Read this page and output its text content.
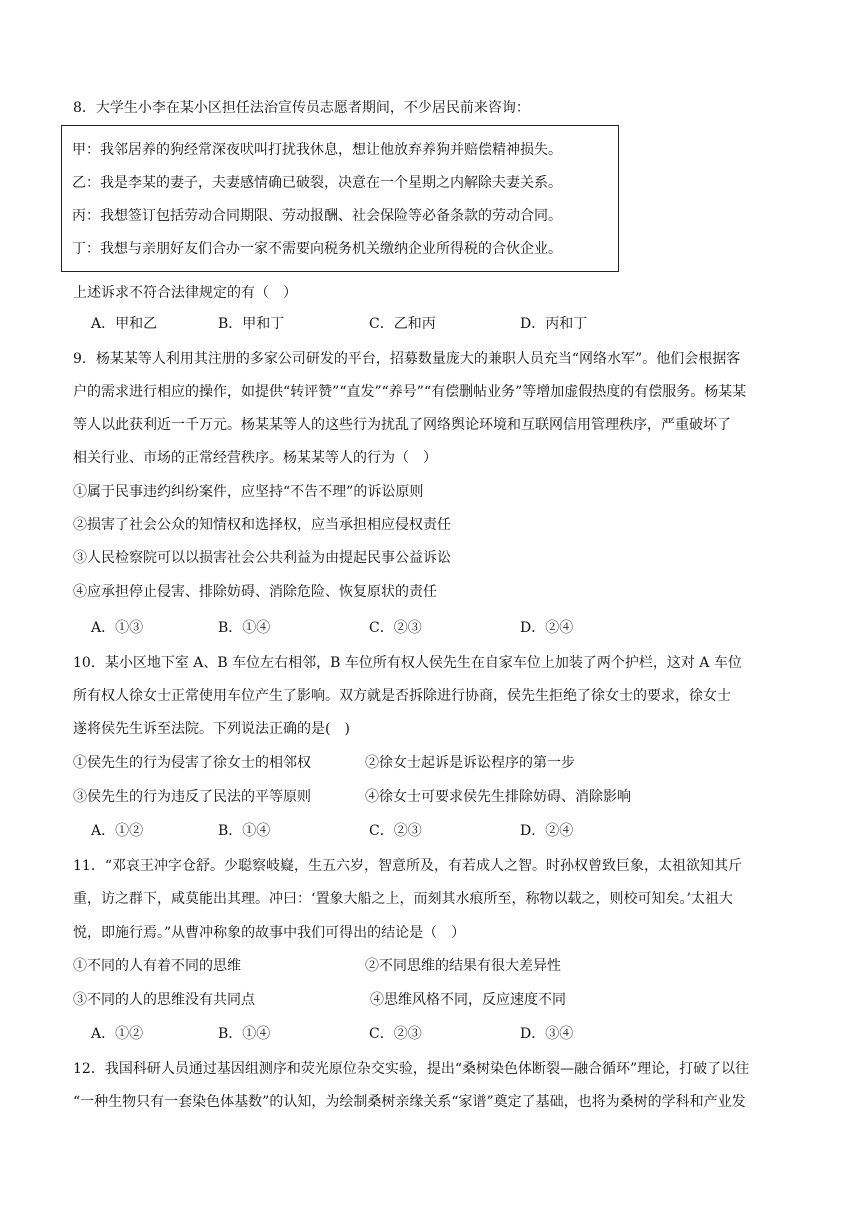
8．大学生小李在某小区担任法治宣传员志愿者期间，不少居民前来咨询：
甲：我邻居养的狗经常深夜吠叫打扰我休息，想让他放弃养狗并赔偿精神损失。
乙：我是李某的妻子，夫妻感情确已破裂，决意在一个星期之内解除夫妻关系。
丙：我想签订包括劳动合同期限、劳动报酬、社会保险等必备条款的劳动合同。
丁：我想与亲朋好友们合办一家不需要向税务机关缴纳企业所得税的合伙企业。
上述诉求不符合法律规定的有（　）
A．甲和乙	B．甲和丁	C．乙和丙	D．丙和丁
9．杨某某等人利用其注册的多家公司研发的平台，招募数量庞大的兼职人员充当“网络水军”。他们会根据客
户的需求进行相应的操作，如提供“转评赞”“直发”“养号”“有偿删帖业务”等增加虚假热度的有偿服务。杨某某
等人以此获利近一千万元。杨某某等人的这些行为扰乱了网络舆论环境和互联网信用管理秩序，严重破坏了
相关行业、市场的正常经营秩序。杨某某等人的行为（　）
①属于民事违约纠纷案件，应坚持“不告不理”的诉讼原则
②损害了社会公众的知情权和选择权，应当承担相应侵权责任
③人民检察院可以以损害社会公共利益为由提起民事公益诉讼
④应承担停止侵害、排除妨碍、消除危险、恢复原状的责任
A．①③	B．①④	C．②③	D．②④
10．某小区地下室 A、B 车位左右相邻，B 车位所有权人侯先生在自家车位上加装了两个护栏，这对 A 车位
所有权人徐女士正常使用车位产生了影响。双方就是否拆除进行协商，侯先生拒绝了徐女士的要求，徐女士
遂将侯先生诉至法院。下列说法正确的是(　)
①侯先生的行为侵害了徐女士的相邻权	②徐女士起诉是诉讼程序的第一步
③侯先生的行为违反了民法的平等原则	④徐女士可要求侯先生排除妨碍、消除影响
A．①②	B．①④	C．②③	D．②④
11．“邓哀王冲字仓舒。少聪察岐嶷，生五六岁，智意所及，有若成人之智。时孙权曾致巨象，太祖欲知其斤
重，访之群下，咸莫能出其理。冲曰：‘置象大船之上，而刻其水痕所至，称物以载之，则校可知矣。’太祖大
悦，即施行焉。”从曹冲称象的故事中我们可得出的结论是（　）
①不同的人有着不同的思维	②不同思维的结果有很大差异性
③不同的人的思维没有共同点	④思维风格不同，反应速度不同
A．①②	B．①④	C．②③	D．③④
12．我国科研人员通过基因组测序和荧光原位杂交实验，提出“桑树染色体断裂—融合循环”理论，打破了以往
“一种生物只有一套染色体基数”的认知，为绘制桑树亲缘关系“家谱”奠定了基础，也将为桑树的学科和产业发
